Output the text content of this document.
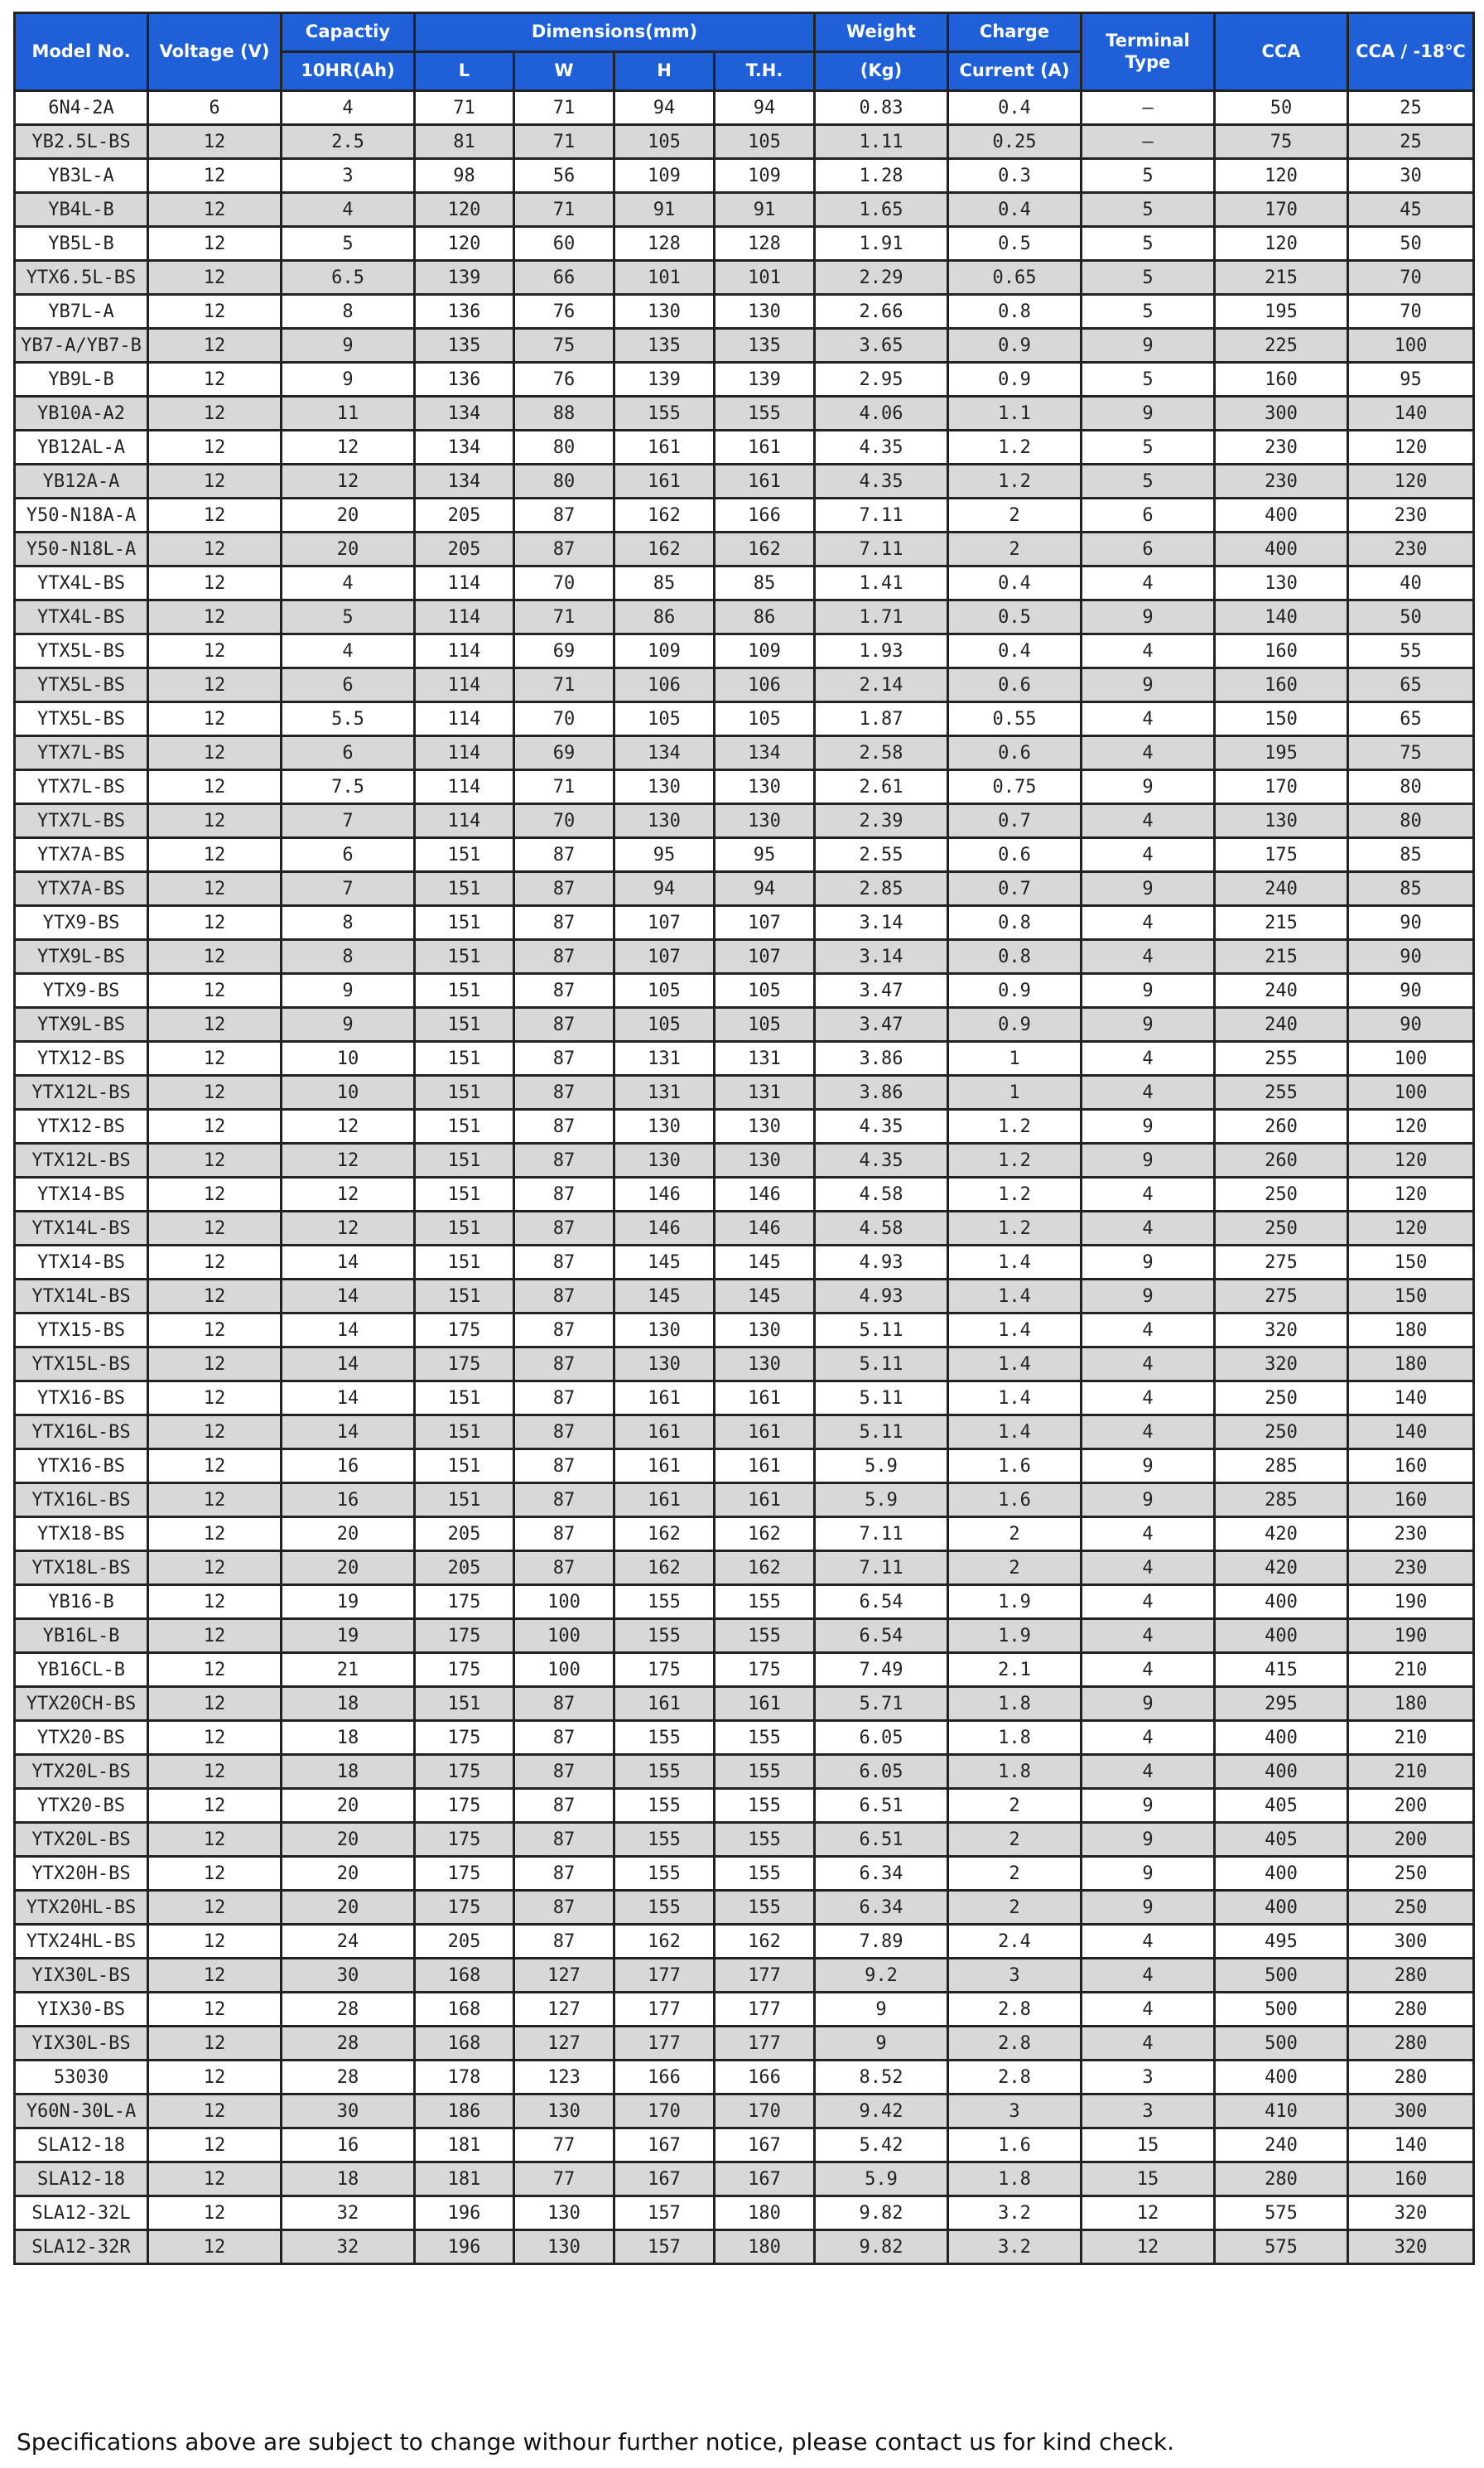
Model No.	Voltage (V)	Capactiy	Dimensions(mm)				Weight	Charge	Terminal Type	CCA	CCA / -18℃
		10HR(Ah)	L	W	H	T.H.	(Kg)	Current (A)			
6N4-2A	6	4	71	71	94	94	0.83	0.4	—	50	25
YB2.5L-BS	12	2.5	81	71	105	105	1.11	0.25	—	75	25
YB3L-A	12	3	98	56	109	109	1.28	0.3	5	120	30
YB4L-B	12	4	120	71	91	91	1.65	0.4	5	170	45
YB5L-B	12	5	120	60	128	128	1.91	0.5	5	120	50
YTX6.5L-BS	12	6.5	139	66	101	101	2.29	0.65	5	215	70
YB7L-A	12	8	136	76	130	130	2.66	0.8	5	195	70
YB7-A/YB7-B	12	9	135	75	135	135	3.65	0.9	9	225	100
YB9L-B	12	9	136	76	139	139	2.95	0.9	5	160	95
YB10A-A2	12	11	134	88	155	155	4.06	1.1	9	300	140
YB12AL-A	12	12	134	80	161	161	4.35	1.2	5	230	120
YB12A-A	12	12	134	80	161	161	4.35	1.2	5	230	120
Y50-N18A-A	12	20	205	87	162	166	7.11	2	6	400	230
Y50-N18L-A	12	20	205	87	162	162	7.11	2	6	400	230
YTX4L-BS	12	4	114	70	85	85	1.41	0.4	4	130	40
YTX4L-BS	12	5	114	71	86	86	1.71	0.5	9	140	50
YTX5L-BS	12	4	114	69	109	109	1.93	0.4	4	160	55
YTX5L-BS	12	6	114	71	106	106	2.14	0.6	9	160	65
YTX5L-BS	12	5.5	114	70	105	105	1.87	0.55	4	150	65
YTX7L-BS	12	6	114	69	134	134	2.58	0.6	4	195	75
YTX7L-BS	12	7.5	114	71	130	130	2.61	0.75	9	170	80
YTX7L-BS	12	7	114	70	130	130	2.39	0.7	4	130	80
YTX7A-BS	12	6	151	87	95	95	2.55	0.6	4	175	85
YTX7A-BS	12	7	151	87	94	94	2.85	0.7	9	240	85
YTX9-BS	12	8	151	87	107	107	3.14	0.8	4	215	90
YTX9L-BS	12	8	151	87	107	107	3.14	0.8	4	215	90
YTX9-BS	12	9	151	87	105	105	3.47	0.9	9	240	90
YTX9L-BS	12	9	151	87	105	105	3.47	0.9	9	240	90
YTX12-BS	12	10	151	87	131	131	3.86	1	4	255	100
YTX12L-BS	12	10	151	87	131	131	3.86	1	4	255	100
YTX12-BS	12	12	151	87	130	130	4.35	1.2	9	260	120
YTX12L-BS	12	12	151	87	130	130	4.35	1.2	9	260	120
YTX14-BS	12	12	151	87	146	146	4.58	1.2	4	250	120
YTX14L-BS	12	12	151	87	146	146	4.58	1.2	4	250	120
YTX14-BS	12	14	151	87	145	145	4.93	1.4	9	275	150
YTX14L-BS	12	14	151	87	145	145	4.93	1.4	9	275	150
YTX15-BS	12	14	175	87	130	130	5.11	1.4	4	320	180
YTX15L-BS	12	14	175	87	130	130	5.11	1.4	4	320	180
YTX16-BS	12	14	151	87	161	161	5.11	1.4	4	250	140
YTX16L-BS	12	14	151	87	161	161	5.11	1.4	4	250	140
YTX16-BS	12	16	151	87	161	161	5.9	1.6	9	285	160
YTX16L-BS	12	16	151	87	161	161	5.9	1.6	9	285	160
YTX18-BS	12	20	205	87	162	162	7.11	2	4	420	230
YTX18L-BS	12	20	205	87	162	162	7.11	2	4	420	230
YB16-B	12	19	175	100	155	155	6.54	1.9	4	400	190
YB16L-B	12	19	175	100	155	155	6.54	1.9	4	400	190
YB16CL-B	12	21	175	100	175	175	7.49	2.1	4	415	210
YTX20CH-BS	12	18	151	87	161	161	5.71	1.8	9	295	180
YTX20-BS	12	18	175	87	155	155	6.05	1.8	4	400	210
YTX20L-BS	12	18	175	87	155	155	6.05	1.8	4	400	210
YTX20-BS	12	20	175	87	155	155	6.51	2	9	405	200
YTX20L-BS	12	20	175	87	155	155	6.51	2	9	405	200
YTX20H-BS	12	20	175	87	155	155	6.34	2	9	400	250
YTX20HL-BS	12	20	175	87	155	155	6.34	2	9	400	250
YTX24HL-BS	12	24	205	87	162	162	7.89	2.4	4	495	300
YIX30L-BS	12	30	168	127	177	177	9.2	3	4	500	280
YIX30-BS	12	28	168	127	177	177	9	2.8	4	500	280
YIX30L-BS	12	28	168	127	177	177	9	2.8	4	500	280
53030	12	28	178	123	166	166	8.52	2.8	3	400	280
Y60N-30L-A	12	30	186	130	170	170	9.42	3	3	410	300
SLA12-18	12	16	181	77	167	167	5.42	1.6	15	240	140
SLA12-18	12	18	181	77	167	167	5.9	1.8	15	280	160
SLA12-32L	12	32	196	130	157	180	9.82	3.2	12	575	320
SLA12-32R	12	32	196	130	157	180	9.82	3.2	12	575	320
Specifications above are subject to change withour further notice, please contact us for kind check.
